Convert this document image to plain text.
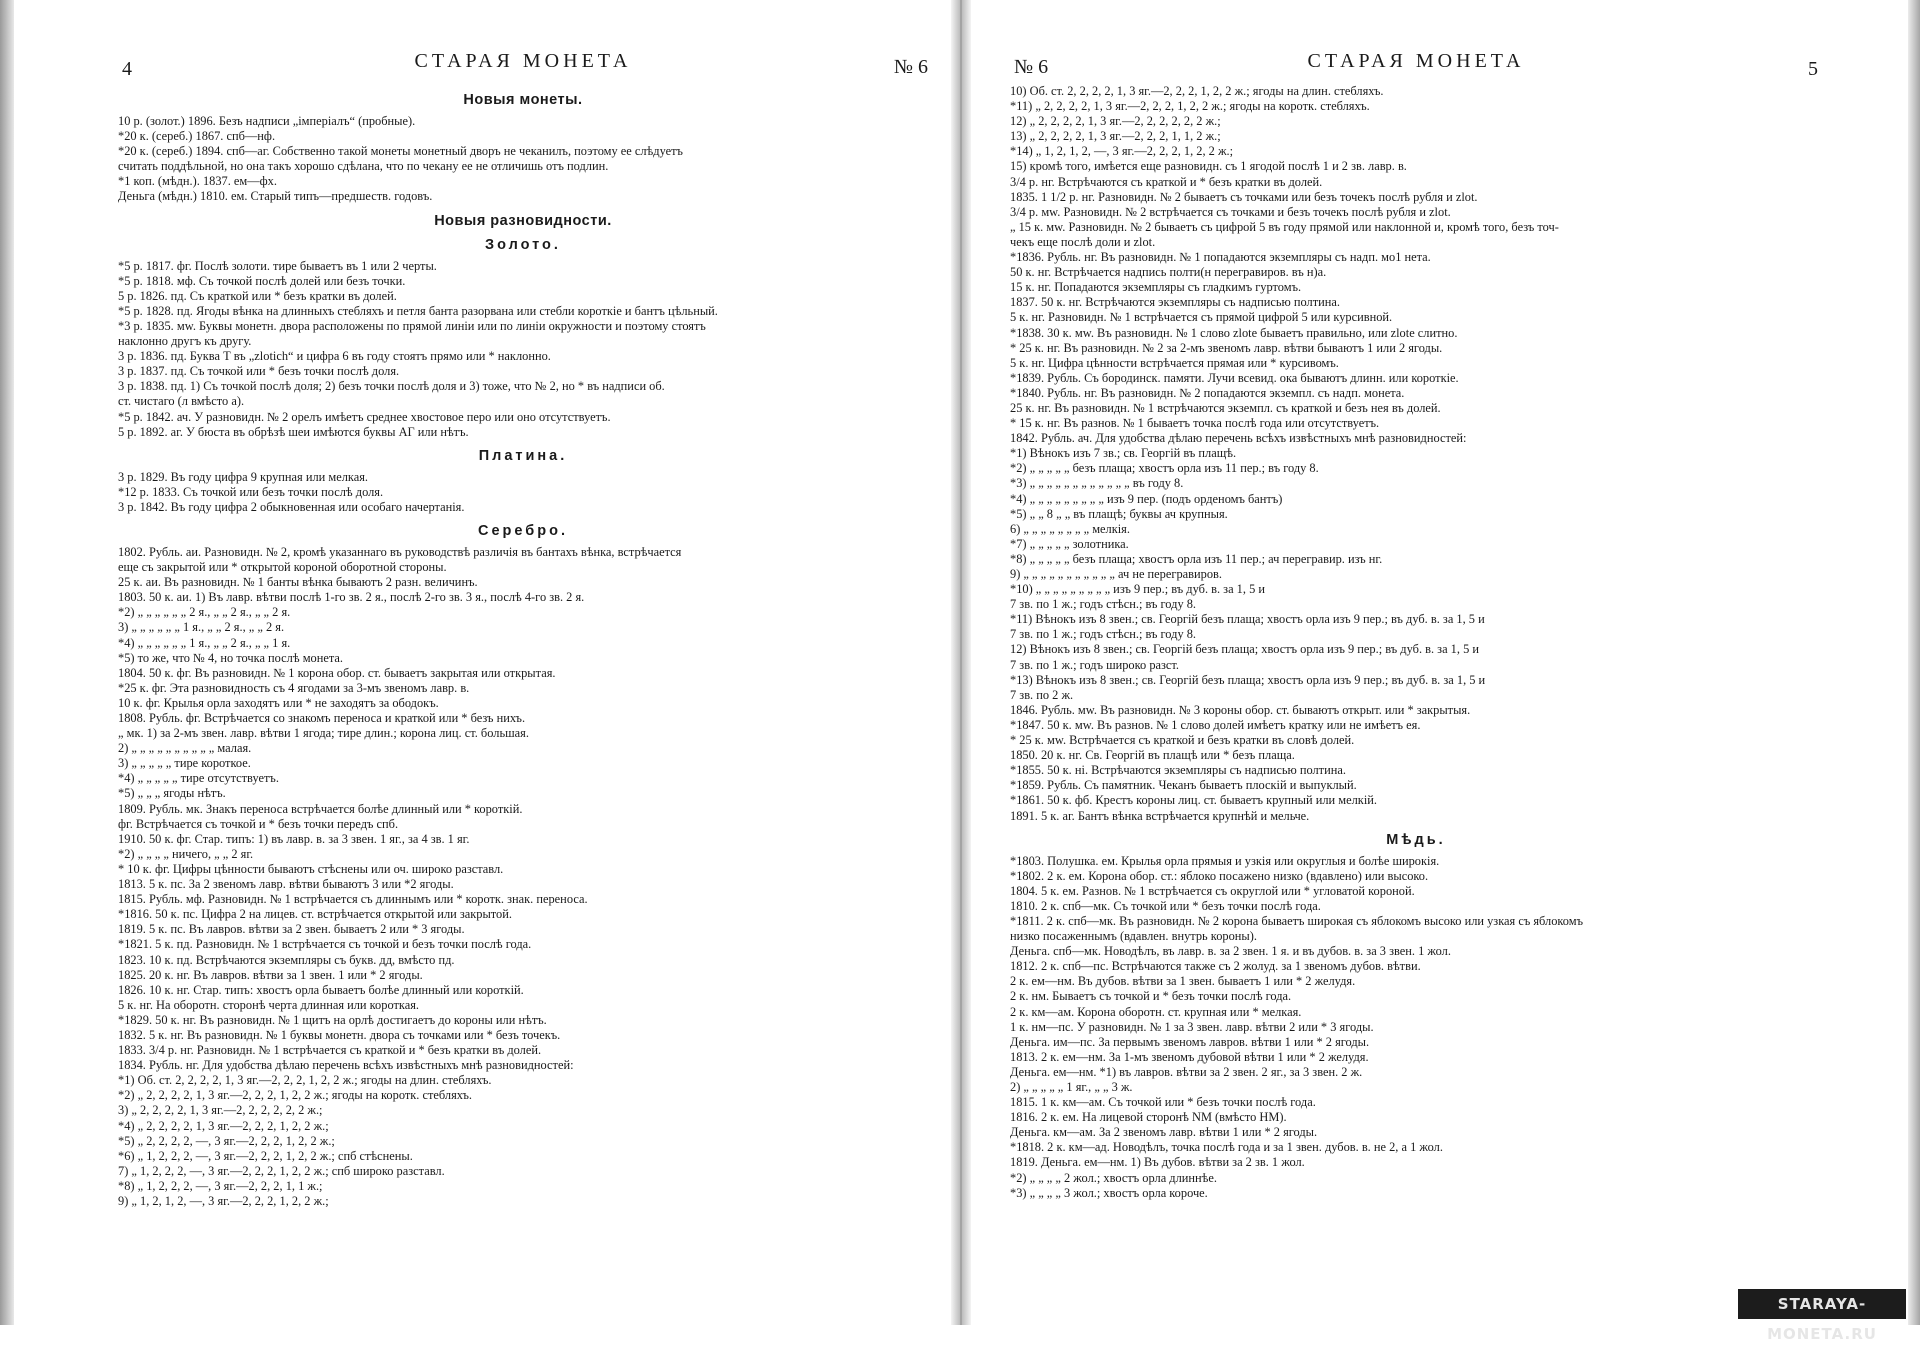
4	СТАРАЯ МОНЕТА	№ 6
Новыя монеты.
10 р. (золот.) 1896. Безъ надписи „імперіалъ“ (пробные).
*20 к. (сереб.) 1867. спб—нф.
*20 к. (сереб.) 1894. спб—аг. Собственно такой монеты монетный дворъ не чеканилъ, поэтому ее слѣдуетъ
считать поддѣльной, но она такъ хорошо сдѣлана, что по чекану ее не отличишь отъ подлин.
*1 коп. (мѣдн.). 1837. ем—фх.
Деньга (мѣдн.) 1810. ем. Старый типъ—предшеств. годовъ.
Новыя разновидности.
Золото.
*5 р. 1817. фг. Послѣ золоти. тире бываетъ въ 1 или 2 черты.
*5 р. 1818. мф. Съ точкой послѣ долей или безъ точки.
5 р. 1826. пд. Съ краткой или * безъ кратки въ долей.
*5 р. 1828. пд. Ягоды вѣнка на длинныхъ стебляхъ и петля банта разорвана или стебли короткіе и бантъ цѣльный.
*3 р. 1835. мw. Буквы монетн. двора расположены по прямой линіи или по линіи окружности и поэтому стоятъ
наклонно другъ къ другу.
3 р. 1836. пд. Буква Т въ „zlotich“ и цифра 6 въ году стоятъ прямо или * наклонно.
3 р. 1837. пд. Съ точкой или * безъ точки послѣ доля.
3 р. 1838. пд. 1) Съ точкой послѣ доля; 2) безъ точки послѣ доля и 3) тоже, что № 2, но * въ надписи об.
ст. чистаго (л вмѣсто а).
*5 р. 1842. ач. У разновидн. № 2 орелъ имѣетъ среднее хвостовое перо или оно отсутствуетъ.
5 р. 1892. аг. У бюста въ обрѣзѣ шеи имѣются буквы АГ или нѣтъ.
Платина.
3 р. 1829. Въ году цифра 9 крупная или мелкая.
*12 р. 1833. Съ точкой или безъ точки послѣ доля.
3 р. 1842. Въ году цифра 2 обыкновенная или особаго начертанія.
Серебро.
1802. Рубль. аи. Разновидн. № 2, кромѣ указаннаго въ руководствѣ различія въ бантахъ вѣнка, встрѣчается
еще съ закрытой или * открытой короной оборотной стороны.
25 к. аи. Въ разновидн. № 1 банты вѣнка бываютъ 2 разн. величинъ.
1803. 50 к. аи. 1) Въ лавр. вѣтви послѣ 1-го зв. 2 я., послѣ 2-го зв. 3 я., послѣ 4-го зв. 2 я.
*2) „ „ „ „ „ „ 2 я., „ „ 2 я., „ „ 2 я.
3) „ „ „ „ „ „ 1 я., „ „ 2 я., „ „ 2 я.
*4) „ „ „ „ „ „ 1 я., „ „ 2 я., „ „ 1 я.
*5) то же, что № 4, но точка послѣ монета.
1804. 50 к. фг. Въ разновидн. № 1 корона обор. ст. бываетъ закрытая или открытая.
*25 к. фг. Эта разновидность съ 4 ягодами за 3-мъ звеномъ лавр. в.
10 к. фг. Крылья орла заходятъ или * не заходятъ за ободокъ.
1808. Рубль. фг. Встрѣчается со знакомъ переноса и краткой или * безъ нихъ.
„ мк. 1) за 2-мъ звен. лавр. вѣтви 1 ягода; тире длин.; корона лиц. ст. большая.
2) „ „ „ „ „ „ „ „ „ „ малая.
3) „ „ „ „ „ тире короткое.
*4) „ „ „ „ „ тире отсутствуетъ.
*5) „ „ „ ягоды нѣтъ.
1809. Рубль. мк. Знакъ переноса встрѣчается болѣе длинный или * короткій.
фг. Встрѣчается съ точкой и * безъ точки передъ спб.
1910. 50 к. фг. Стар. типъ: 1) въ лавр. в. за 3 звен. 1 яг., за 4 зв. 1 яг.
*2) „ „ „ „ ничего, „ „ 2 яг.
* 10 к. фг. Цифры цѣнности бываютъ стѣснены или оч. широко разставл.
1813. 5 к. пс. За 2 звеномъ лавр. вѣтви бываютъ 3 или *2 ягоды.
1815. Рубль. мф. Разновидн. № 1 встрѣчается съ длиннымъ или * коротк. знак. переноса.
*1816. 50 к. пс. Цифра 2 на лицев. ст. встрѣчается открытой или закрытой.
1819. 5 к. пс. Въ лавров. вѣтви за 2 звен. бываетъ 2 или * 3 ягоды.
*1821. 5 к. пд. Разновидн. № 1 встрѣчается съ точкой и безъ точки послѣ года.
1823. 10 к. пд. Встрѣчаются экземпляры съ букв. дд, вмѣсто пд.
1825. 20 к. нг. Въ лавров. вѣтви за 1 звен. 1 или * 2 ягоды.
1826. 10 к. нг. Стар. типъ: хвостъ орла бываетъ болѣе длинный или короткій.
5 к. нг. На оборотн. сторонѣ черта длинная или короткая.
*1829. 50 к. нг. Въ разновидн. № 1 щитъ на орлѣ достигаетъ до короны или нѣтъ.
1832. 5 к. нг. Въ разновидн. № 1 буквы монетн. двора съ точками или * безъ точекъ.
1833. 3/4 р. нг. Разновидн. № 1 встрѣчается съ краткой и * безъ кратки въ долей.
1834. Рубль. нг. Для удобства дѣлаю перечень всѣхъ извѣстныхъ мнѣ разновидностей:
*1) Об. ст. 2, 2, 2, 2, 1, 3 яг.—2, 2, 2, 1, 2, 2 ж.; ягоды на длин. стебляхъ.
*2) „ 2, 2, 2, 2, 1, 3 яг.—2, 2, 2, 1, 2, 2 ж.; ягоды на коротк. стебляхъ.
3) „ 2, 2, 2, 2, 1, 3 яг.—2, 2, 2, 2, 2, 2 ж.;
*4) „ 2, 2, 2, 2, 1, 3 яг.—2, 2, 2, 1, 2, 2 ж.;
*5) „ 2, 2, 2, 2, —, 3 яг.—2, 2, 2, 1, 2, 2 ж.;
*6) „ 1, 2, 2, 2, —, 3 яг.—2, 2, 2, 1, 2, 2 ж.; спб стѣснены.
7) „ 1, 2, 2, 2, —, 3 яг.—2, 2, 2, 1, 2, 2 ж.; спб широко разставл.
*8) „ 1, 2, 2, 2, —, 3 яг.—2, 2, 2, 1, 1 ж.;
9) „ 1, 2, 1, 2, —, 3 яг.—2, 2, 2, 1, 2, 2 ж.;
№ 6	СТАРАЯ МОНЕТА	5
10) Об. ст. 2, 2, 2, 2, 1, 3 яг.—2, 2, 2, 1, 2, 2 ж.; ягоды на длин. стебляхъ.
*11) „ 2, 2, 2, 2, 1, 3 яг.—2, 2, 2, 1, 2, 2 ж.; ягоды на коротк. стебляхъ.
12) „ 2, 2, 2, 2, 1, 3 яг.—2, 2, 2, 2, 2, 2 ж.;
13) „ 2, 2, 2, 2, 1, 3 яг.—2, 2, 2, 1, 1, 2 ж.;
*14) „ 1, 2, 1, 2, —, 3 яг.—2, 2, 2, 1, 2, 2 ж.;
15) кромѣ того, имѣется еще разновидн. съ 1 ягодой послѣ 1 и 2 зв. лавр. в.
3/4 р. нг. Встрѣчаются съ краткой и * безъ кратки въ долей.
1835. 1 1/2 р. нг. Разновидн. № 2 бываетъ съ точками или безъ точекъ послѣ рубля и zlot.
3/4 р. мw. Разновидн. № 2 встрѣчается съ точками и безъ точекъ послѣ рубля и zlot.
„ 15 к. мw. Разновидн. № 2 бываетъ съ цифрой 5 въ году прямой или наклонной и, кромѣ того, безъ точ-
чекъ еще послѣ доли и zlot.
*1836. Рубль. нг. Въ разновидн. № 1 попадаются экземпляры съ надп. мо1 нета.
50 к. нг. Встрѣчается надпись полти(н перегравиров. въ н)а.
15 к. нг. Попадаются экземпляры съ гладкимъ гуртомъ.
1837. 50 к. нг. Встрѣчаются экземпляры съ надписью полтина.
5 к. нг. Разновидн. № 1 встрѣчается съ прямой цифрой 5 или курсивной.
*1838. 30 к. мw. Въ разновидн. № 1 слово zlote бываетъ правильно, или zlote слитно.
* 25 к. нг. Въ разновидн. № 2 за 2-мъ звеномъ лавр. вѣтви бываютъ 1 или 2 ягоды.
5 к. нг. Цифра цѣнности встрѣчается прямая или * курсивомъ.
*1839. Рубль. Съ бородинск. памяти. Лучи всевид. ока бываютъ длинн. или короткіе.
*1840. Рубль. нг. Въ разновидн. № 2 попадаются экземпл. съ надп. монета.
25 к. нг. Въ разновидн. № 1 встрѣчаются экземпл. съ краткой и безъ нея въ долей.
* 15 к. нг. Въ разнов. № 1 бываетъ точка послѣ года или отсутствуетъ.
1842. Рубль. ач. Для удобства дѣлаю перечень всѣхъ извѣстныхъ мнѣ разновидностей:
*1) Вѣнокъ изъ 7 зв.; св. Георгій въ плащѣ.
*2) „ „ „ „ „ безъ плаща; хвостъ орла изъ 11 пер.; въ году 8.
*3) „ „ „ „ „ „ „ „ „ „ „ „ въ году 8.
*4) „ „ „ „ „ „ „ „ „ изъ 9 пер. (подъ орденомъ бантъ)
*5) „ „ 8 „ „ въ плащѣ; буквы ач крупныя.
6) „ „ „ „ „ „ „ „ мелкія.
*7) „ „ „ „ „ золотника.
*8) „ „ „ „ „ безъ плаща; хвостъ орла изъ 11 пер.; ач перегравир. изъ нг.
9) „ „ „ „ „ „ „ „ „ „ „ ач не перегравиров.
*10) „ „ „ „ „ „ „ „ „ изъ 9 пер.; въ дуб. в. за 1, 5 и
7 зв. по 1 ж.; годъ стѣсн.; въ году 8.
*11) Вѣнокъ изъ 8 звен.; св. Георгій безъ плаща; хвостъ орла изъ 9 пер.; въ дуб. в. за 1, 5 и
7 зв. по 1 ж.; годъ стѣсн.; въ году 8.
12) Вѣнокъ изъ 8 звен.; св. Георгій безъ плаща; хвостъ орла изъ 9 пер.; въ дуб. в. за 1, 5 и
7 зв. по 1 ж.; годъ широко разст.
*13) Вѣнокъ изъ 8 звен.; св. Георгій безъ плаща; хвостъ орла изъ 9 пер.; въ дуб. в. за 1, 5 и
7 зв. по 2 ж.
1846. Рубль. мw. Въ разновидн. № 3 короны обор. ст. бываютъ открыт. или * закрытыя.
*1847. 50 к. мw. Въ разнов. № 1 слово долей имѣетъ кратку или не имѣетъ ея.
* 25 к. мw. Встрѣчается съ краткой и безъ кратки въ словѣ долей.
1850. 20 к. нг. Св. Георгій въ плащѣ или * безъ плаща.
*1855. 50 к. нi. Встрѣчаются экземпляры съ надписью полтина.
*1859. Рубль. Съ памятник. Чеканъ бываетъ плоскій и выпуклый.
*1861. 50 к. фб. Крестъ короны лиц. ст. бываетъ крупный или мелкій.
1891. 5 к. аг. Бантъ вѣнка встрѣчается крупнѣй и мельче.
Мѣдь.
*1803. Полушка. ем. Крылья орла прямыя и узкія или округлыя и болѣе широкія.
*1802. 2 к. ем. Корона обор. ст.: яблоко посажено низко (вдавлено) или высоко.
1804. 5 к. ем. Разнов. № 1 встрѣчается съ округлой или * угловатой короной.
1810. 2 к. спб—мк. Съ точкой или * безъ точки послѣ года.
*1811. 2 к. спб—мк. Въ разновидн. № 2 корона бываетъ широкая съ яблокомъ высоко или узкая съ яблокомъ
низко посаженнымъ (вдавлен. внутрь короны).
Деньга. спб—мк. Новодѣлъ, въ лавр. в. за 2 звен. 1 я. и въ дубов. в. за 3 звен. 1 жол.
1812. 2 к. спб—пс. Встрѣчаются также съ 2 жолуд. за 1 звеномъ дубов. вѣтви.
2 к. ем—нм. Въ дубов. вѣтви за 1 звен. бываетъ 1 или * 2 желудя.
2 к. нм. Бываетъ съ точкой и * безъ точки послѣ года.
2 к. км—ам. Корона оборотн. ст. крупная или * мелкая.
1 к. нм—пс. У разновидн. № 1 за 3 звен. лавр. вѣтви 2 или * 3 ягоды.
Деньга. им—пс. За первымъ звеномъ лавров. вѣтви 1 или * 2 ягоды.
1813. 2 к. ем—нм. За 1-мъ звеномъ дубовой вѣтви 1 или * 2 желудя.
Деньга. ем—нм. *1) въ лавров. вѣтви за 2 звен. 2 яг., за 3 звен. 2 ж.
2) „ „ „ „ „ 1 яг., „ „ 3 ж.
1815. 1 к. км—ам. Съ точкой или * безъ точки послѣ года.
1816. 2 к. ем. На лицевой сторонѣ NM (вмѣсто HM).
Деньга. км—ам. За 2 звеномъ лавр. вѣтви 1 или * 2 ягоды.
*1818. 2 к. км—ад. Новодѣлъ, точка послѣ года и за 1 звен. дубов. в. не 2, а 1 жол.
1819. Деньга. ем—нм. 1) Въ дубов. вѣтви за 2 зв. 1 жол.
*2) „ „ „ „ 2 жол.; хвостъ орла длиннѣе.
*3) „ „ „ „ 3 жол.; хвостъ орла короче.
STARAYA-MONETA.RU
